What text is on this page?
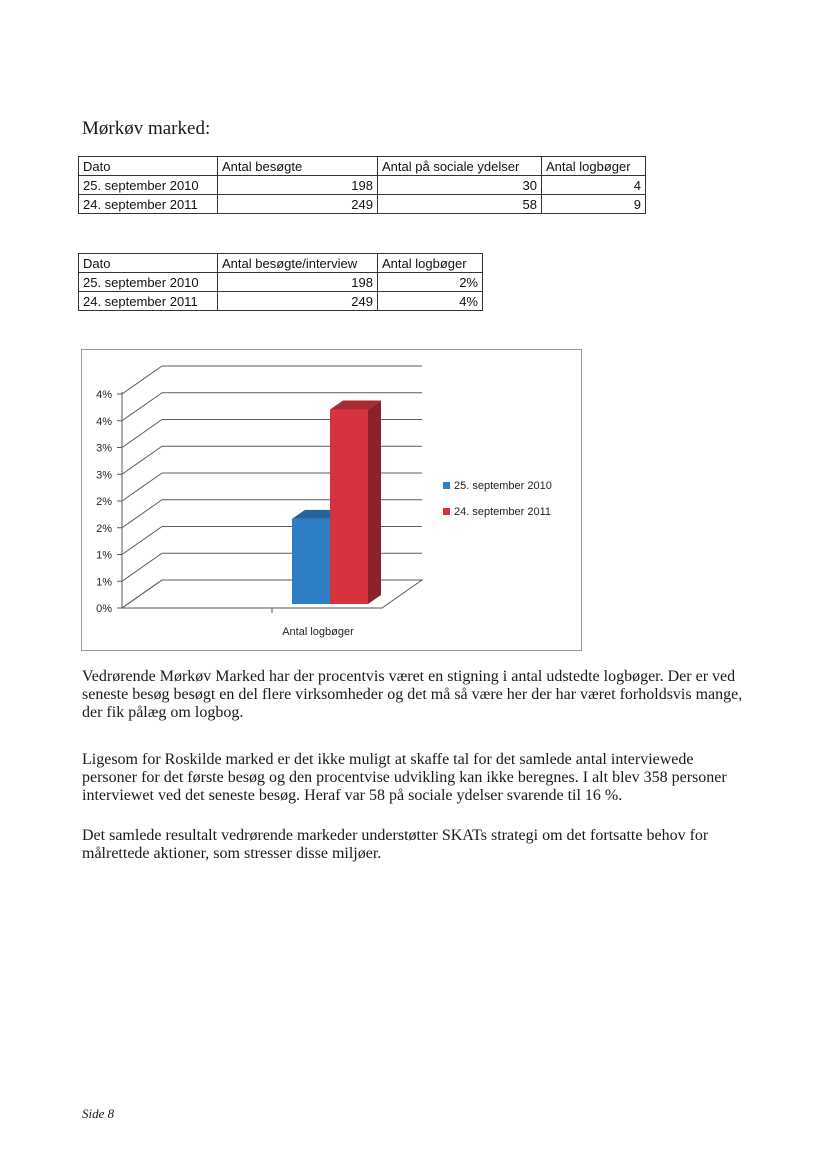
Mørkøv marked:
Dato	Antal besøgte	Antal på sociale ydelser	Antal logbøger
25. september 2010	198	30	4
24. september 2011	249	58	9
Dato	Antal besøgte/interview	Antal logbøger
25. september 2010	198	2%
24. september 2011	249	4%
0%
1%
1%
2%
2%
3%
3%
4%
4%
Antal logbøger
25. september 2010
24. september 2011
Vedrørende Mørkøv Marked har der procentvis været en stigning i antal udstedte logbøger. Der er ved seneste besøg besøgt en del flere virksomheder og det må så være her der har været forholdsvis mange, der fik pålæg om logbog.
Ligesom for Roskilde marked er det ikke muligt at skaffe tal for det samlede antal interviewede personer for det første besøg og den procentvise udvikling kan ikke beregnes. I alt blev 358 personer interviewet ved det seneste besøg. Heraf var 58 på sociale ydelser svarende til 16 %.
Det samlede resultalt vedrørende markeder understøtter SKATs strategi om det fortsatte behov for målrettede aktioner, som stresser disse miljøer.
Side 8
